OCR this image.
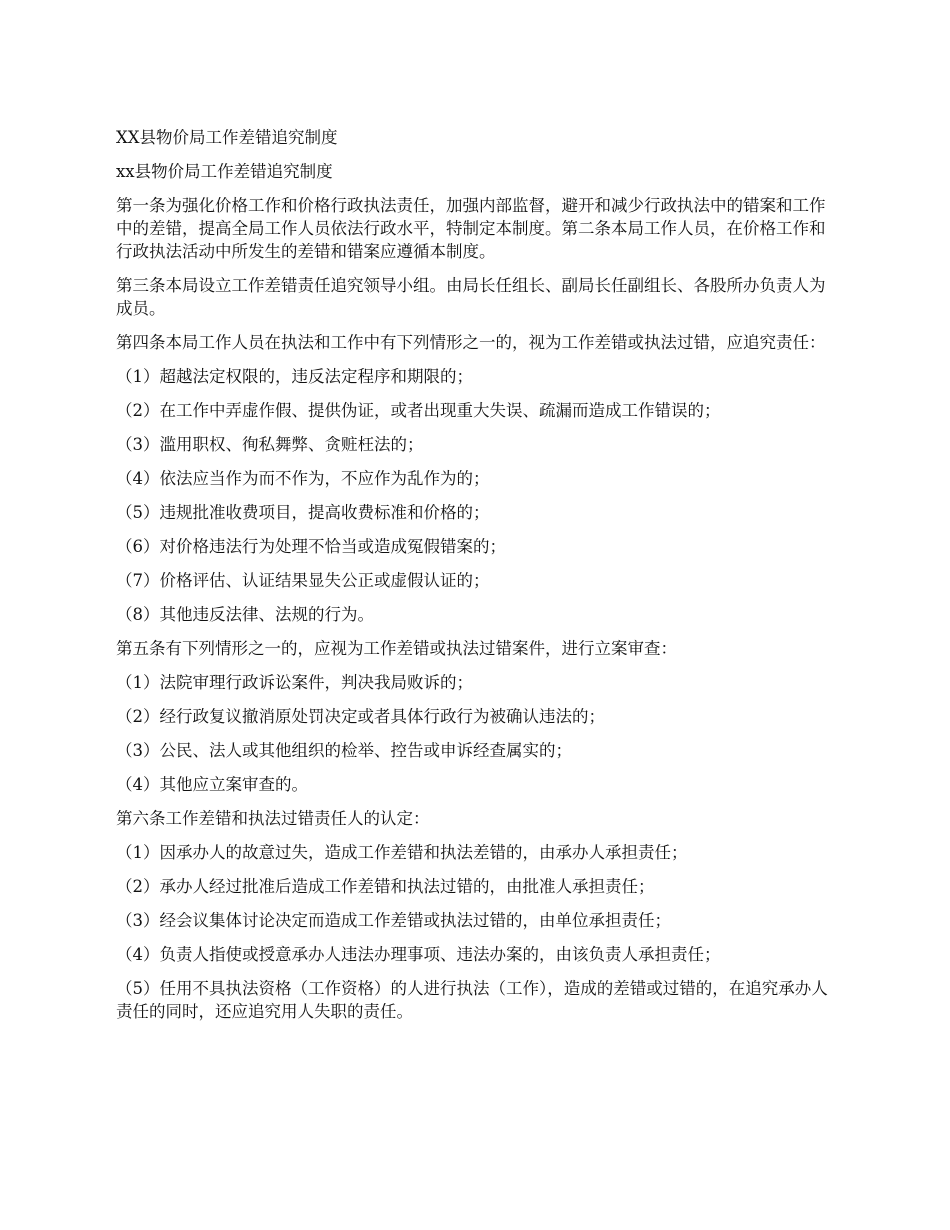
XX县物价局工作差错追究制度

xx县物价局工作差错追究制度

第一条为强化价格工作和价格行政执法责任，加强内部监督，避开和减少行政执法中的错案和工作中的差错，提高全局工作人员依法行政水平，特制定本制度。第二条本局工作人员，在价格工作和行政执法活动中所发生的差错和错案应遵循本制度。

第三条本局设立工作差错责任追究领导小组。由局长任组长、副局长任副组长、各股所办负责人为成员。

第四条本局工作人员在执法和工作中有下列情形之一的，视为工作差错或执法过错，应追究责任：

（1）超越法定权限的，违反法定程序和期限的；

（2）在工作中弄虚作假、提供伪证，或者出现重大失误、疏漏而造成工作错误的；

（3）滥用职权、徇私舞弊、贪赃枉法的；

（4）依法应当作为而不作为，不应作为乱作为的；

（5）违规批准收费项目，提高收费标准和价格的；

（6）对价格违法行为处理不恰当或造成冤假错案的；

（7）价格评估、认证结果显失公正或虚假认证的；

（8）其他违反法律、法规的行为。

第五条有下列情形之一的，应视为工作差错或执法过错案件，进行立案审查：

（1）法院审理行政诉讼案件，判决我局败诉的；

（2）经行政复议撤消原处罚决定或者具体行政行为被确认违法的；

（3）公民、法人或其他组织的检举、控告或申诉经查属实的；

（4）其他应立案审查的。

第六条工作差错和执法过错责任人的认定：

（1）因承办人的故意过失，造成工作差错和执法差错的，由承办人承担责任；

（2）承办人经过批准后造成工作差错和执法过错的，由批准人承担责任；

（3）经会议集体讨论决定而造成工作差错或执法过错的，由单位承担责任；

（4）负责人指使或授意承办人违法办理事项、违法办案的，由该负责人承担责任；

（5）任用不具执法资格（工作资格）的人进行执法（工作），造成的差错或过错的，在追究承办人责任的同时，还应追究用人失职的责任。
